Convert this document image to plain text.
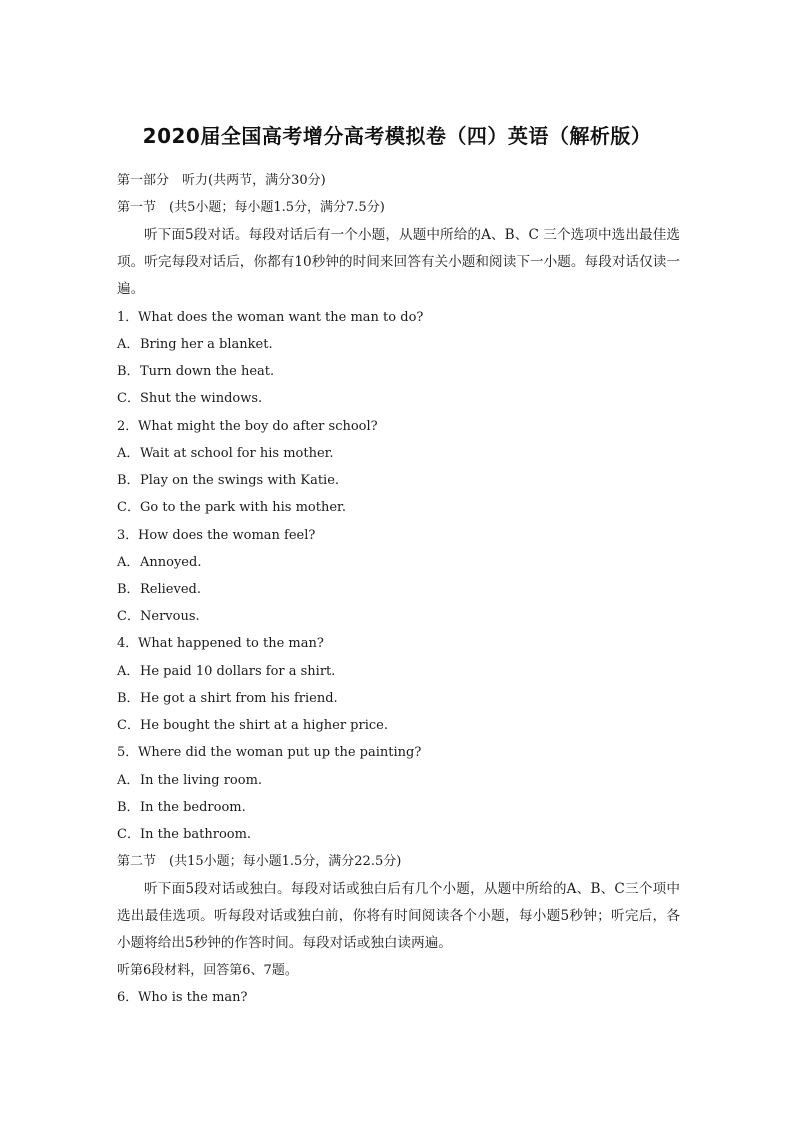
2020届全国高考增分高考模拟卷（四）英语（解析版）
第一部分　听力(共两节，满分30分)
第一节　(共5小题；每小题1.5分，满分7.5分)
听下面5段对话。每段对话后有一个小题，从题中所给的A、B、C 三个选项中选出最佳选项。听完每段对话后，你都有10秒钟的时间来回答有关小题和阅读下一小题。每段对话仅读一遍。
1．What does the woman want the man to do?
A．Bring her a blanket.
B．Turn down the heat.
C．Shut the windows.
2．What might the boy do after school?
A．Wait at school for his mother.
B．Play on the swings with Katie.
C．Go to the park with his mother.
3．How does the woman feel?
A．Annoyed.
B．Relieved.
C．Nervous.
4．What happened to the man?
A．He paid 10 dollars for a shirt.
B．He got a shirt from his friend.
C．He bought the shirt at a higher price.
5．Where did the woman put up the painting?
A．In the living room.
B．In the bedroom.
C．In the bathroom.
第二节　(共15小题；每小题1.5分，满分22.5分)
听下面5段对话或独白。每段对话或独白后有几个小题，从题中所给的A、B、C三个项中选出最佳选项。听每段对话或独白前，你将有时间阅读各个小题，每小题5秒钟；听完后，各小题将给出5秒钟的作答时间。每段对话或独白读两遍。
听第6段材料，回答第6、7题。
6．Who is the man?
